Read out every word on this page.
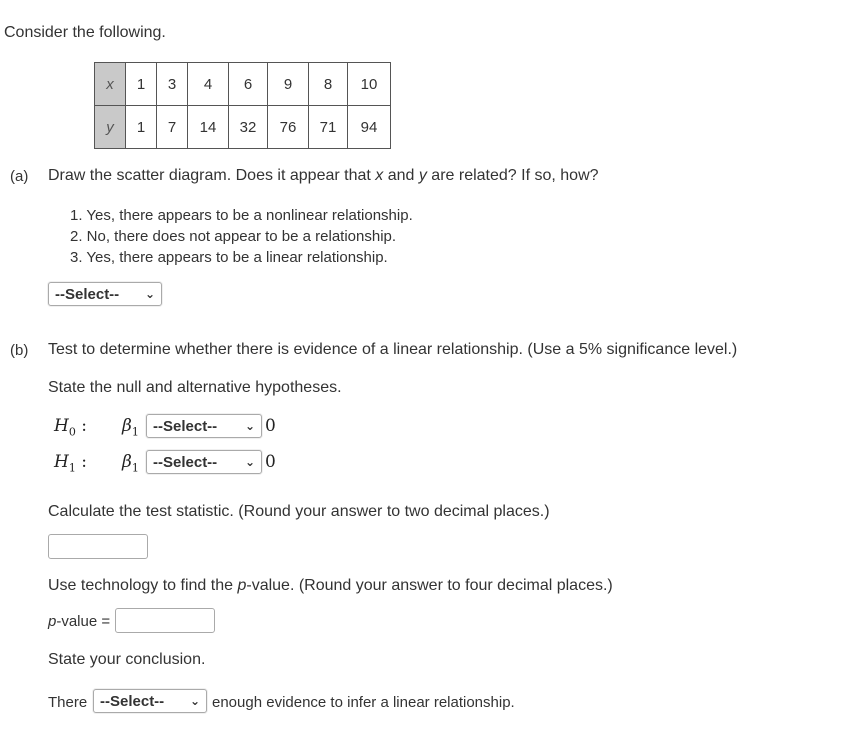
Consider the following.
x	1	3	4	6	9	8	10
y	1	7	14	32	76	71	94
(a) Draw the scatter diagram. Does it appear that x and y are related? If so, how?
1. Yes, there appears to be a nonlinear relationship.
2. No, there does not appear to be a relationship.
3. Yes, there appears to be a linear relationship.
--Select-- ⌄
(b) Test to determine whether there is evidence of a linear relationship. (Use a 5% significance level.)
State the null and alternative hypotheses.
$H_0$ : $\beta_1$ --Select-- ⌄ 0
$H_1$ : $\beta_1$ --Select-- ⌄ 0
Calculate the test statistic. (Round your answer to two decimal places.)
Use technology to find the p-value. (Round your answer to four decimal places.)
p-value =
State your conclusion.
There --Select-- ⌄ enough evidence to infer a linear relationship.
